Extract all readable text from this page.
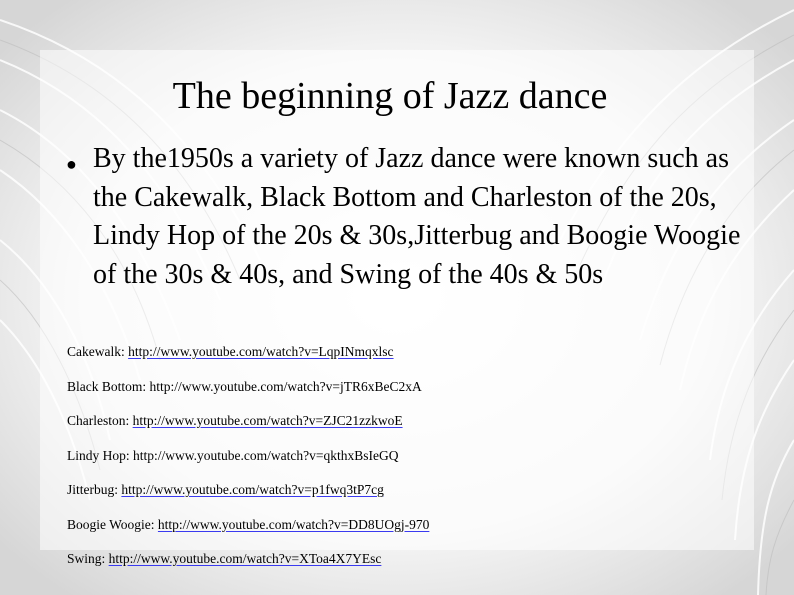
The beginning of Jazz dance
● By the1950s a variety of Jazz dance were known such as the Cakewalk, Black Bottom and Charleston of the 20s, Lindy Hop of the 20s & 30s,Jitterbug and Boogie Woogie of the 30s & 40s, and Swing of the 40s & 50s
Cakewalk: http://www.youtube.com/watch?v=LqpINmqxlsc
Black Bottom: http://www.youtube.com/watch?v=jTR6xBeC2xA
Charleston: http://www.youtube.com/watch?v=ZJC21zzkwoE
Lindy Hop: http://www.youtube.com/watch?v=qkthxBsIeGQ
Jitterbug: http://www.youtube.com/watch?v=p1fwq3tP7cg
Boogie Woogie: http://www.youtube.com/watch?v=DD8UOgj-970
Swing: http://www.youtube.com/watch?v=XToa4X7YEsc
